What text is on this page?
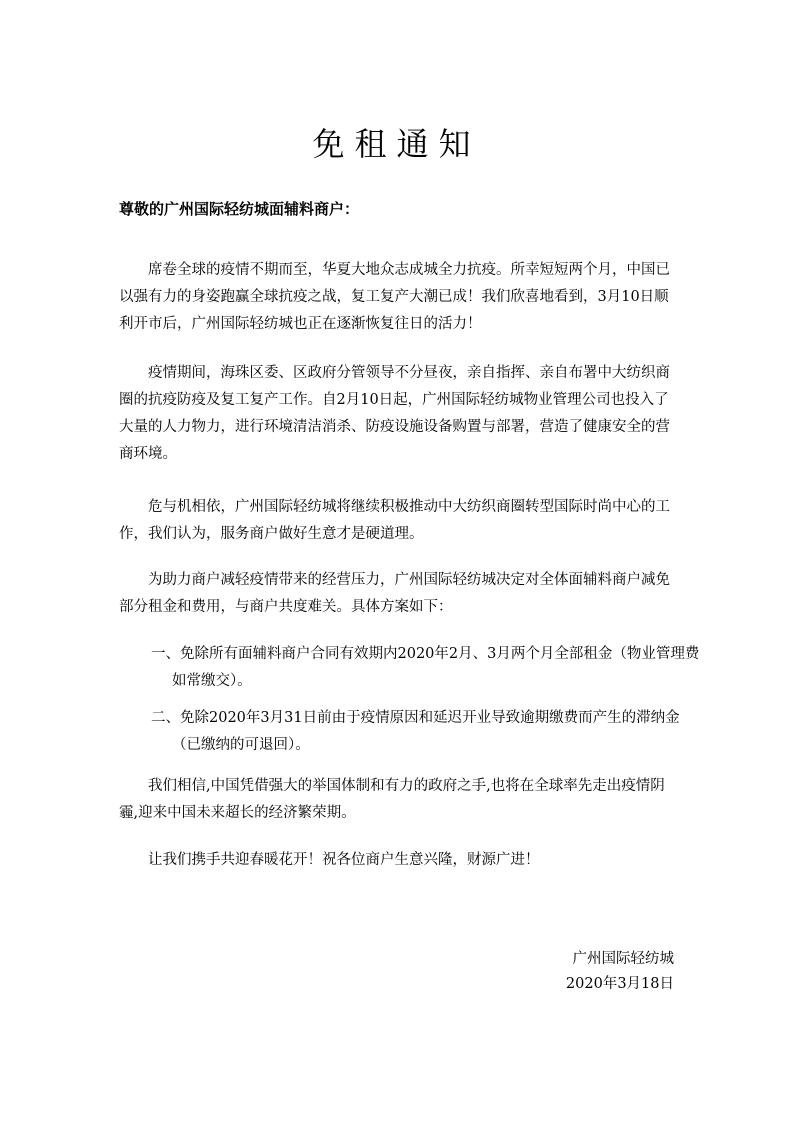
免租通知
尊敬的广州国际轻纺城面辅料商户：

席卷全球的疫情不期而至，华夏大地众志成城全力抗疫。所幸短短两个月，中国已以强有力的身姿跑赢全球抗疫之战，复工复产大潮已成！我们欣喜地看到，3月10日顺利开市后，广州国际轻纺城也正在逐渐恢复往日的活力！

疫情期间，海珠区委、区政府分管领导不分昼夜，亲自指挥、亲自布署中大纺织商圈的抗疫防疫及复工复产工作。自2月10日起，广州国际轻纺城物业管理公司也投入了大量的人力物力，进行环境清洁消杀、防疫设施设备购置与部署，营造了健康安全的营商环境。

危与机相依，广州国际轻纺城将继续积极推动中大纺织商圈转型国际时尚中心的工作，我们认为，服务商户做好生意才是硬道理。

为助力商户减轻疫情带来的经营压力，广州国际轻纺城决定对全体面辅料商户减免部分租金和费用，与商户共度难关。具体方案如下：

一、免除所有面辅料商户合同有效期内2020年2月、3月两个月全部租金（物业管理费如常缴交）。

二、免除2020年3月31日前由于疫情原因和延迟开业导致逾期缴费而产生的滞纳金（已缴纳的可退回）。

我们相信,中国凭借强大的举国体制和有力的政府之手,也将在全球率先走出疫情阴霾,迎来中国未来超长的经济繁荣期。

让我们携手共迎春暖花开！祝各位商户生意兴隆，财源广进！

广州国际轻纺城
2020年3月18日
